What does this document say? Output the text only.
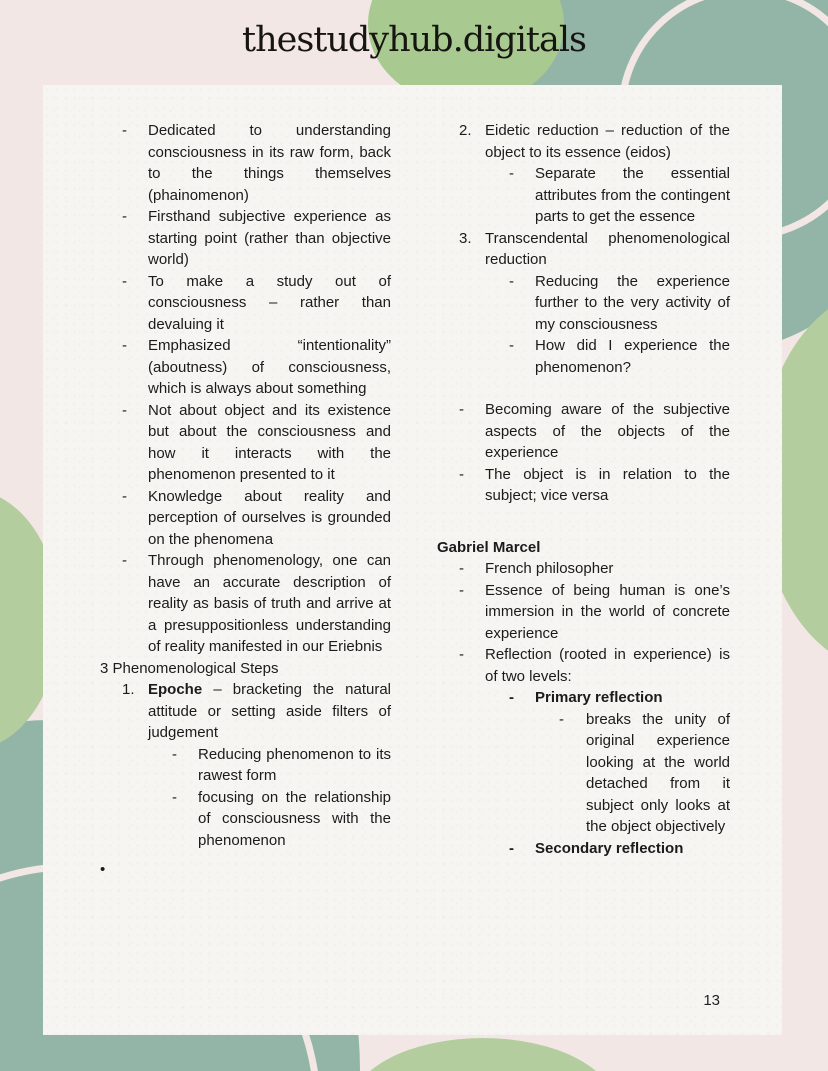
thestudyhub.digitals
-	Dedicated to understanding consciousness in its raw form, back to the things themselves (phainomenon)
-	Firsthand subjective experience as starting point (rather than objective world)
-	To make a study out of consciousness – rather than devaluing it
-	Emphasized “intentionality” (aboutness) of consciousness, which is always about something
-	Not about object and its existence but about the consciousness and how it interacts with the phenomenon presented to it
-	Knowledge about reality and perception of ourselves is grounded on the phenomena
-	Through phenomenology, one can have an accurate description of reality as basis of truth and arrive at a presuppositionless understanding of reality manifested in our Eriebnis
3 Phenomenological Steps
1. Epoche – bracketing the natural attitude or setting aside filters of judgement
-	Reducing phenomenon to its rawest form
-	focusing on the relationship of consciousness with the phenomenon
•
2. Eidetic reduction – reduction of the object to its essence (eidos)
-	Separate the essential attributes from the contingent parts to get the essence
3. Transcendental phenomenological reduction
-	Reducing the experience further to the very activity of my consciousness
-	How did I experience the phenomenon?
-	Becoming aware of the subjective aspects of the objects of the experience
-	The object is in relation to the subject; vice versa
Gabriel Marcel
-	French philosopher
-	Essence of being human is one’s immersion in the world of concrete experience
-	Reflection (rooted in experience) is of two levels:
-	Primary reflection
-	breaks the unity of original experience looking at the world detached from it subject only looks at the object objectively
-	Secondary reflection
13
